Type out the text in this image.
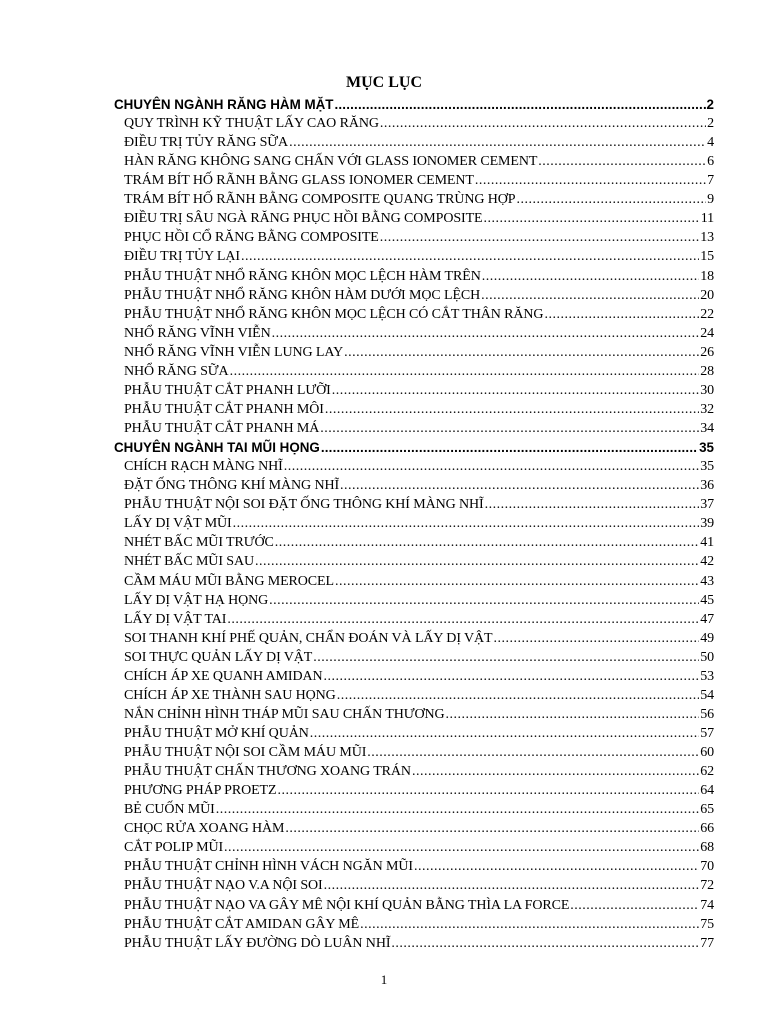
MỤC LỤC
CHUYÊN NGÀNH RĂNG HÀM MẶT .....	2
QUY TRÌNH KỸ THUẬT LẤY CAO RĂNG .....	2
ĐIỀU TRỊ TỦY RĂNG SỮA .....	4
HÀN RĂNG KHÔNG SANG CHẤN VỚI GLASS IONOMER CEMENT .....	6
TRÁM BÍT HỐ RÃNH BẰNG GLASS IONOMER CEMENT .....	7
TRÁM BÍT HỐ RÃNH BẰNG COMPOSITE QUANG TRÙNG HỢP .....	9
ĐIỀU TRỊ SÂU NGÀ RĂNG PHỤC HỒI BẰNG COMPOSITE .....	11
PHỤC HỒI CỔ RĂNG BẰNG COMPOSITE .....	13
ĐIỀU TRỊ TỦY LẠI .....	15
PHẪU THUẬT NHỔ RĂNG KHÔN MỌC LỆCH HÀM TRÊN .....	18
PHẪU THUẬT NHỔ RĂNG KHÔN HÀM DƯỚI MỌC LỆCH .....	20
PHẪU THUẬT NHỔ RĂNG KHÔN MỌC LỆCH CÓ CẮT THÂN RĂNG .....	22
NHỔ RĂNG VĨNH VIỄN .....	24
NHỔ RĂNG VĨNH VIỄN LUNG LAY .....	26
NHỔ RĂNG SỮA .....	28
PHẪU THUẬT CẮT PHANH LƯỠI .....	30
PHẪU THUẬT CẮT PHANH MÔI .....	32
PHẪU THUẬT CẮT PHANH MÁ .....	34
CHUYÊN NGÀNH TAI MŨI HỌNG .....	35
CHÍCH RẠCH MÀNG NHĨ .....	35
ĐẶT ỐNG THÔNG KHÍ MÀNG NHĨ .....	36
PHẪU THUẬT NỘI SOI ĐẶT ỐNG THÔNG KHÍ MÀNG NHĨ .....	37
LẤY DỊ VẬT MŨI .....	39
NHÉT BẤC MŨI TRƯỚC .....	41
NHÉT BẤC MŨI SAU .....	42
CẦM MÁU MŨI BẰNG MEROCEL .....	43
LẤY DỊ VẬT HẠ HỌNG .....	45
LẤY DỊ VẬT TAI .....	47
SOI THANH KHÍ PHẾ QUẢN, CHẨN ĐOÁN VÀ LẤY DỊ VẬT .....	49
SOI THỰC QUẢN LẤY DỊ VẬT .....	50
CHÍCH ÁP XE QUANH AMIDAN .....	53
CHÍCH ÁP XE THÀNH SAU HỌNG .....	54
NẮN CHỈNH HÌNH THÁP MŨI SAU CHẤN THƯƠNG .....	56
PHẪU THUẬT MỞ KHÍ QUẢN .....	57
PHẪU THUẬT NỘI SOI CẦM MÁU MŨI .....	60
PHẪU THUẬT CHẤN THƯƠNG XOANG TRÁN .....	62
PHƯƠNG PHÁP PROETZ .....	64
BẺ CUỐN MŨI .....	65
CHỌC RỬA XOANG HÀM .....	66
CẮT POLIP MŨI .....	68
PHẪU THUẬT CHỈNH HÌNH VÁCH NGĂN MŨI .....	70
PHẪU THUẬT NẠO V.A NỘI SOI .....	72
PHẪU THUẬT NẠO VA GÂY MÊ NỘI KHÍ QUẢN BẰNG THÌA LA FORCE .....	74
PHẪU THUẬT CẮT AMIDAN GÂY MÊ .....	75
PHẪU THUẬT LẤY ĐƯỜNG DÒ LUÂN NHĨ .....	77
1
